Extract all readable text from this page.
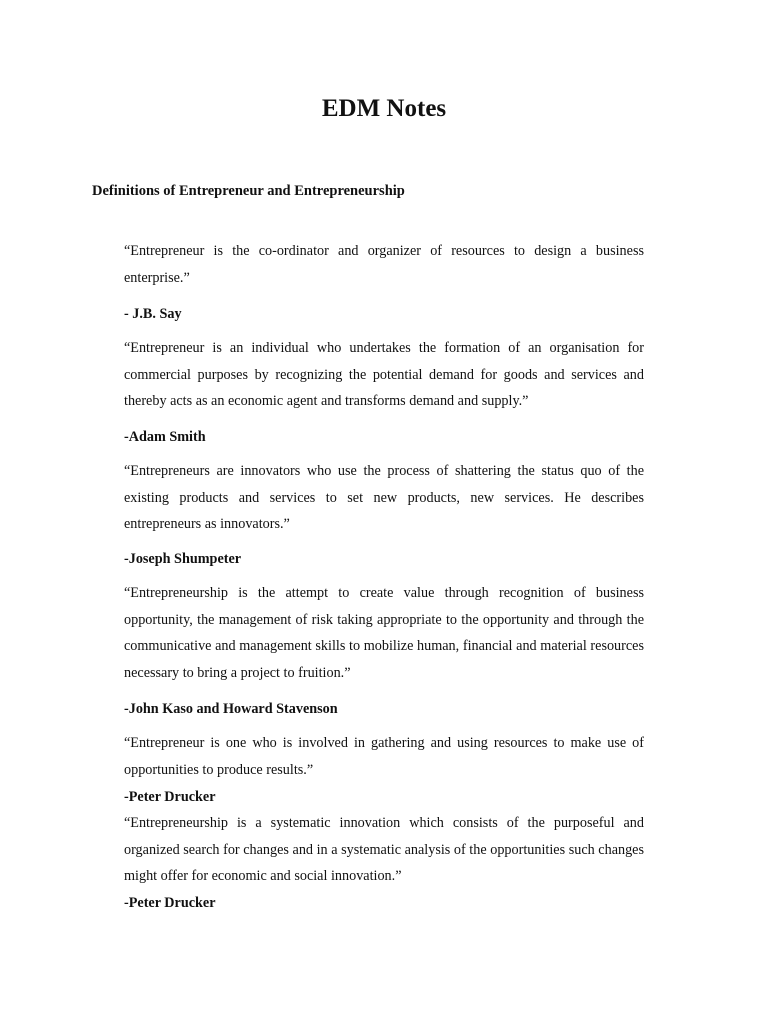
EDM Notes
Definitions of Entrepreneur and Entrepreneurship

“Entrepreneur is the co-ordinator and organizer of resources to design a business enterprise.”

- J.B. Say

“Entrepreneur is an individual who undertakes the formation of an organisation for commercial purposes by recognizing the potential demand for goods and services and thereby acts as an economic agent and transforms demand and supply.”

-Adam Smith

“Entrepreneurs are innovators who use the process of shattering the status quo of the existing products and services to set new products, new services. He describes entrepreneurs as innovators.”

-Joseph Shumpeter

“Entrepreneurship is the attempt to create value through recognition of business opportunity, the management of risk taking appropriate to the opportunity and through the communicative and management skills to mobilize human, financial and material resources necessary to bring a project to fruition.”

-John Kaso and Howard Stavenson

“Entrepreneur is one who is involved in gathering and using resources to make use of opportunities to produce results.”

-Peter Drucker

“Entrepreneurship is a systematic innovation which consists of the purposeful and organized search for changes and in a systematic analysis of the opportunities such changes might offer for economic and social innovation.”

-Peter Drucker
